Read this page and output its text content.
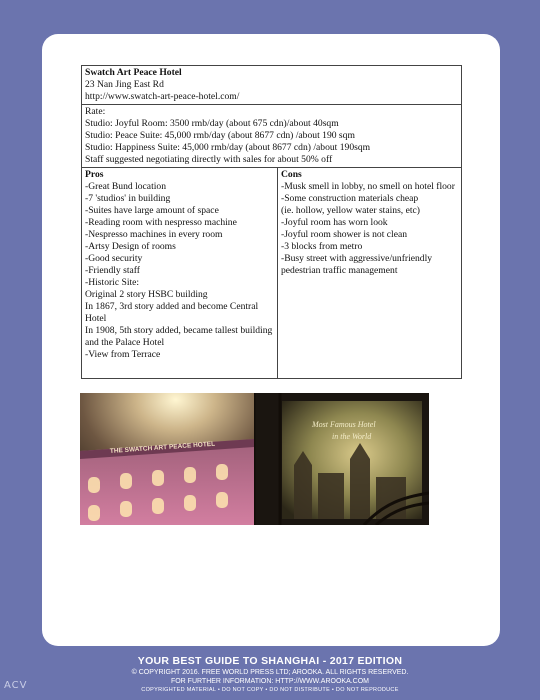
Swatch Art Peace Hotel
23 Nan Jing East Rd
http://www.swatch-art-peace-hotel.com/

Rate:
Studio: Joyful Room: 3500 rmb/day (about 675 cdn)/about 40sqm
Studio: Peace Suite: 45,000 rmb/day (about 8677 cdn) /about 190 sqm
Studio: Happiness Suite: 45,000 rmb/day (about 8677 cdn) /about 190sqm
Staff suggested negotiating directly with sales for about 50% off

Pros
-Great Bund location
-7 'studios' in building
-Suites have large amount of space
-Reading room with nespresso machine
-Nespresso machines in every room
-Artsy Design of rooms
-Good security
-Friendly staff
-Historic Site:
Original 2 story HSBC building
In 1867, 3rd story added and become Central Hotel
In 1908, 5th story added, became tallest building
and the Palace Hotel
-View from Terrace

Cons
-Musk smell in lobby, no smell on hotel floor
-Some construction materials cheap
(ie. hollow, yellow water stains, etc)
-Joyful room has worn look
-Joyful room shower is not clean
-3 blocks from metro
-Busy street with aggressive/unfriendly pedestrian traffic management
THE SWATCH ART PEACE HOTEL
Most Famous Hotel
in the World
YOUR BEST GUIDE TO SHANGHAI - 2017 EDITION
© COPYRIGHT 2016. FREE WORLD PRESS LTD; AROOKA. ALL RIGHTS RESERVED.
FOR FURTHER INFORMATION: HTTP://WWW.AROOKA.COM
COPYRIGHTED MATERIAL • DO NOT COPY • DO NOT DISTRIBUTE • DO NOT REPRODUCE
ACV
